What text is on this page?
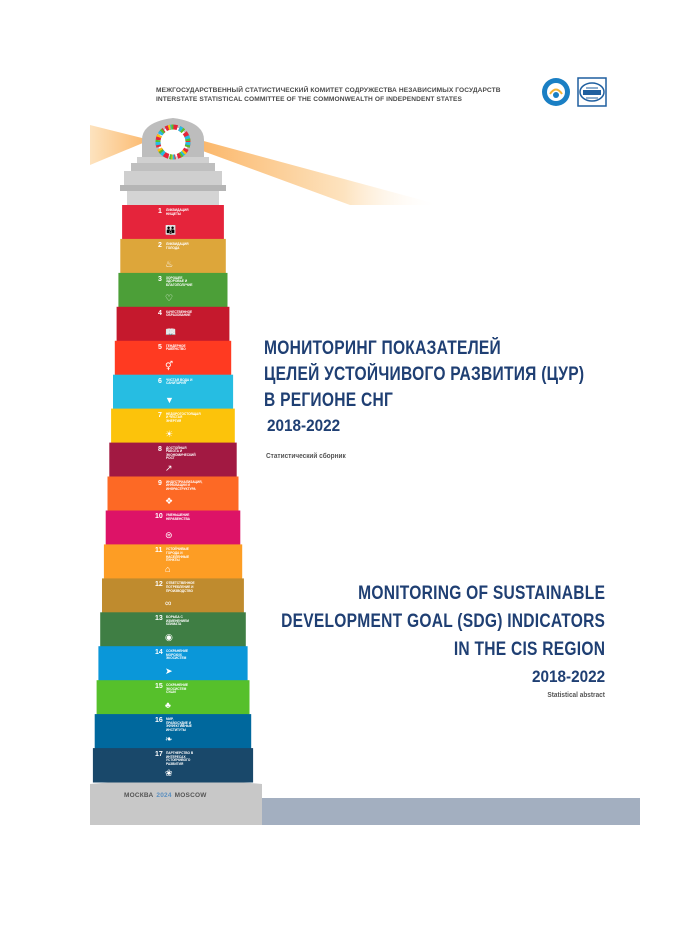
МЕЖГОСУДАРСТВЕННЫЙ СТАТИСТИЧЕСКИЙ КОМИТЕТ СОДРУЖЕСТВА НЕЗАВИСИМЫХ ГОСУДАРСТВ
INTERSTATE STATISTICAL COMMITTEE OF THE COMMONWEALTH OF INDEPENDENT STATES
1 ЛИКВИДАЦИЯ НИЩЕТЫ
👪
2 ЛИКВИДАЦИЯ ГОЛОДА
♨
3 ХОРОШЕЕ ЗДОРОВЬЕ И БЛАГОПОЛУЧИЕ
♡
4 КАЧЕСТВЕННОЕ ОБРАЗОВАНИЕ
📖
5 ГЕНДЕРНОЕ РАВЕНСТВО
⚥
6 ЧИСТАЯ ВОДА И САНИТАРИЯ
▼
7 НЕДОРОГОСТОЯЩАЯ И ЧИСТАЯ ЭНЕРГИЯ
☀
8 ДОСТОЙНАЯ РАБОТА И ЭКОНОМИЧЕСКИЙ РОСТ
↗
9 ИНДУСТРИАЛИЗАЦИЯ, ИННОВАЦИИ И ИНФРАСТРУКТУРА
❖
10 УМЕНЬШЕНИЕ НЕРАВЕНСТВА
⊜
11 УСТОЙЧИВЫЕ ГОРОДА И НАСЕЛЕННЫЕ ПУНКТЫ
⌂
12 ОТВЕТСТВЕННОЕ ПОТРЕБЛЕНИЕ И ПРОИЗВОДСТВО
∞
13 БОРЬБА С ИЗМЕНЕНИЕМ КЛИМАТА
◉
14 СОХРАНЕНИЕ МОРСКИХ ЭКОСИСТЕМ
➤
15 СОХРАНЕНИЕ ЭКОСИСТЕМ СУШИ
♣
16 МИР, ПРАВОСУДИЕ И ЭФФЕКТИВНЫЕ ИНСТИТУТЫ
❧
17 ПАРТНЕРСТВО В ИНТЕРЕСАХ УСТОЙЧИВОГО РАЗВИТИЯ
❀
МОНИТОРИНГ ПОКАЗАТЕЛЕЙ
ЦЕЛЕЙ УСТОЙЧИВОГО РАЗВИТИЯ (ЦУР)
В РЕГИОНЕ СНГ
2018-2022
Статистический сборник
MONITORING OF SUSTAINABLE
DEVELOPMENT GOAL (SDG) INDICATORS
IN THE CIS REGION
2018-2022
Statistical abstract
МОСКВА 2024 MOSCOW
